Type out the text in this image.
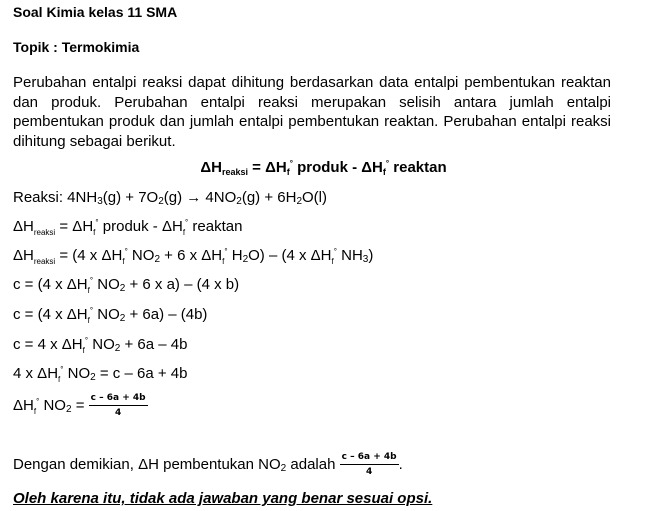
Soal Kimia kelas 11 SMA

Topik : Termokimia

Perubahan entalpi reaksi dapat dihitung berdasarkan data entalpi pembentukan reaktan dan produk. Perubahan entalpi reaksi merupakan selisih antara jumlah entalpi pembentukan produk dan jumlah entalpi pembentukan reaktan. Perubahan entalpi reaksi dihitung sebagai berikut.

$\Delta H_{reaksi} = \Delta H_f^\circ$ produk - $\Delta H_f^\circ$ reaktan

Reaksi: $4NH_3(g) + 7O_2(g) \to 4NO_2(g) + 6H_2O(l)$

$\Delta H_{reaksi} = \Delta H_f^\circ$ produk - $\Delta H_f^\circ$ reaktan

$\Delta H_{reaksi} = (4$ x $\Delta H_f^\circ$ $NO_2 + 6$ x $\Delta H_f^\circ$ $H_2O) - (4$ x $\Delta H_f^\circ$ $NH_3$)

c = (4 x $\Delta H_f^\circ$ $NO_2 + 6$ x a) – (4 x b)

c = (4 x $\Delta H_f^\circ$ $NO_2 + 6a) - (4b)$

c = 4 x $\Delta H_f^\circ$ $NO_2 + 6a - 4b$

4 x $\Delta H_f^\circ$ $NO_2 = c - 6a + 4b$

$\Delta H_f^\circ$ $NO_2 = \frac{c - 6a + 4b}{4}$

Dengan demikian, ΔH pembentukan $NO_2$ adalah $\frac{c - 6a + 4b}{4}$ .

Oleh karena itu, tidak ada jawaban yang benar sesuai opsi.
